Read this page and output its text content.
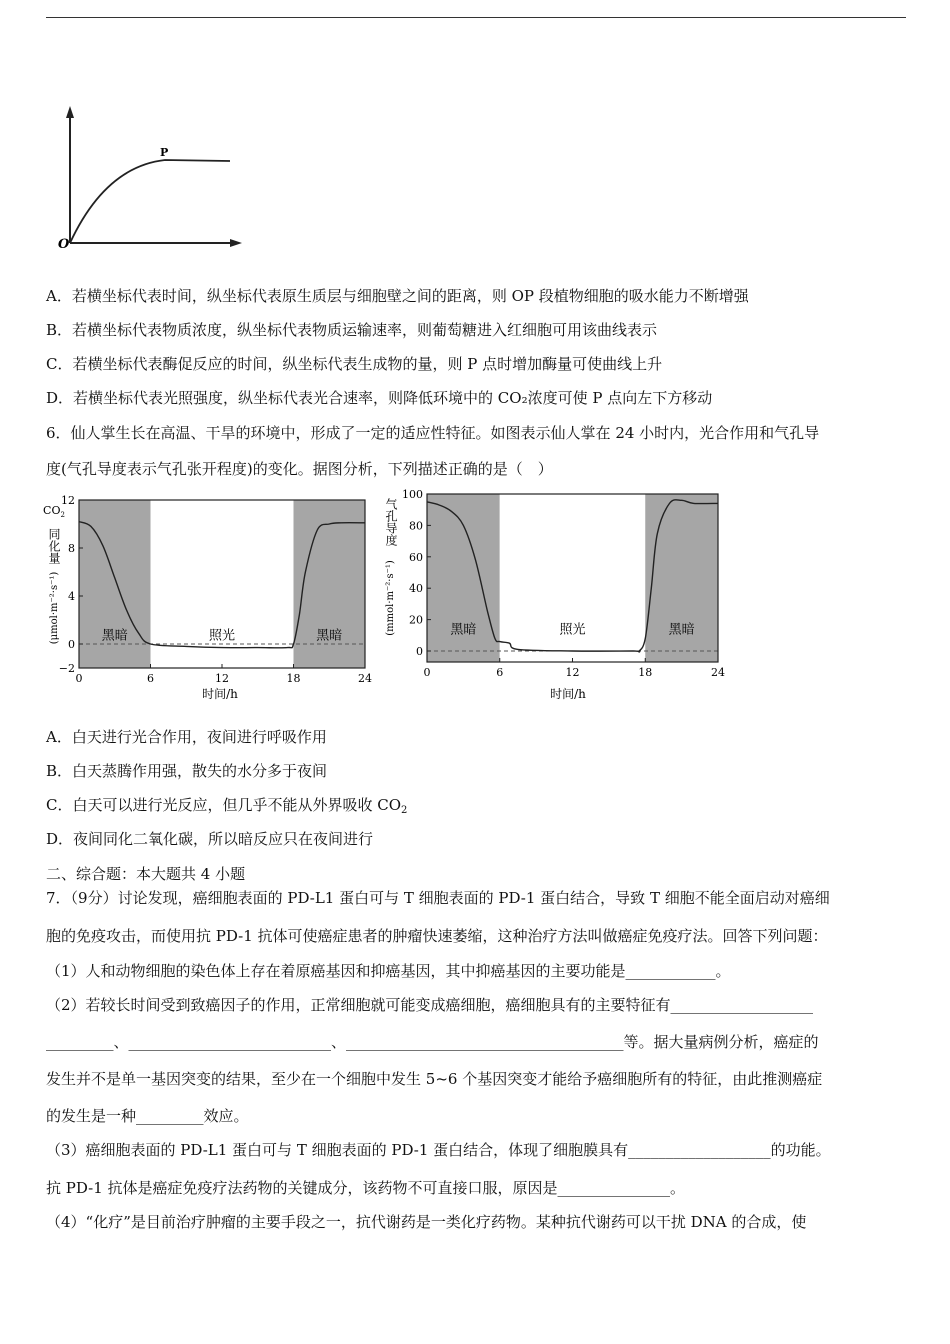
O
P
A．若横坐标代表时间，纵坐标代表原生质层与细胞壁之间的距离，则 OP 段植物细胞的吸水能力不断增强
B．若横坐标代表物质浓度，纵坐标代表物质运输速率，则葡萄糖进入红细胞可用该曲线表示
C．若横坐标代表酶促反应的时间，纵坐标代表生成物的量，则 P 点时增加酶量可使曲线上升
D．若横坐标代表光照强度，纵坐标代表光合速率，则降低环境中的 CO₂浓度可使 P 点向左下方移动
6．仙人掌生长在高温、干旱的环境中，形成了一定的适应性特征。如图表示仙人掌在 24 小时内，光合作用和气孔导
度(气孔导度表示气孔张开程度)的变化。据图分析，下列描述正确的是（　）
$CO_2$
同化量
(μmol·m⁻²·s⁻¹)	黑暗	照光	黑暗
0	6	12	18	24
12
8
4
0
−2
时间/h
气孔导度
(mmol·m⁻²·s⁻¹)	黑暗	照光	黑暗
0	6	12	18	24
100
80
60
40
20
0
时间/h
A．白天进行光合作用，夜间进行呼吸作用
B．白天蒸腾作用强，散失的水分多于夜间
C．白天可以进行光反应，但几乎不能从外界吸收 $CO_2$
D．夜间同化二氧化碳，所以暗反应只在夜间进行
二、综合题：本大题共 4 小题
7．（9分）讨论发现，癌细胞表面的 PD-L1 蛋白可与 T 细胞表面的 PD-1 蛋白结合，导致 T 细胞不能全面启动对癌细
胞的免疫攻击，而使用抗 PD-1 抗体可使癌症患者的肿瘤快速萎缩，这种治疗方法叫做癌症免疫疗法。回答下列问题：
（1）人和动物细胞的染色体上存在着原癌基因和抑癌基因，其中抑癌基因的主要功能是____________。
（2）若较长时间受到致癌因子的作用，正常细胞就可能变成癌细胞，癌细胞具有的主要特征有___________________
_________、___________________________、_____________________________________等。据大量病例分析，癌症的
发生并不是单一基因突变的结果，至少在一个细胞中发生 5~6 个基因突变才能给予癌细胞所有的特征，由此推测癌症
的发生是一种_________效应。
（3）癌细胞表面的 PD-L1 蛋白可与 T 细胞表面的 PD-1 蛋白结合，体现了细胞膜具有___________________的功能。
抗 PD-1 抗体是癌症免疫疗法药物的关键成分，该药物不可直接口服，原因是_______________。
（4）“化疗”是目前治疗肿瘤的主要手段之一，抗代谢药是一类化疗药物。某种抗代谢药可以干扰 DNA 的合成，使
